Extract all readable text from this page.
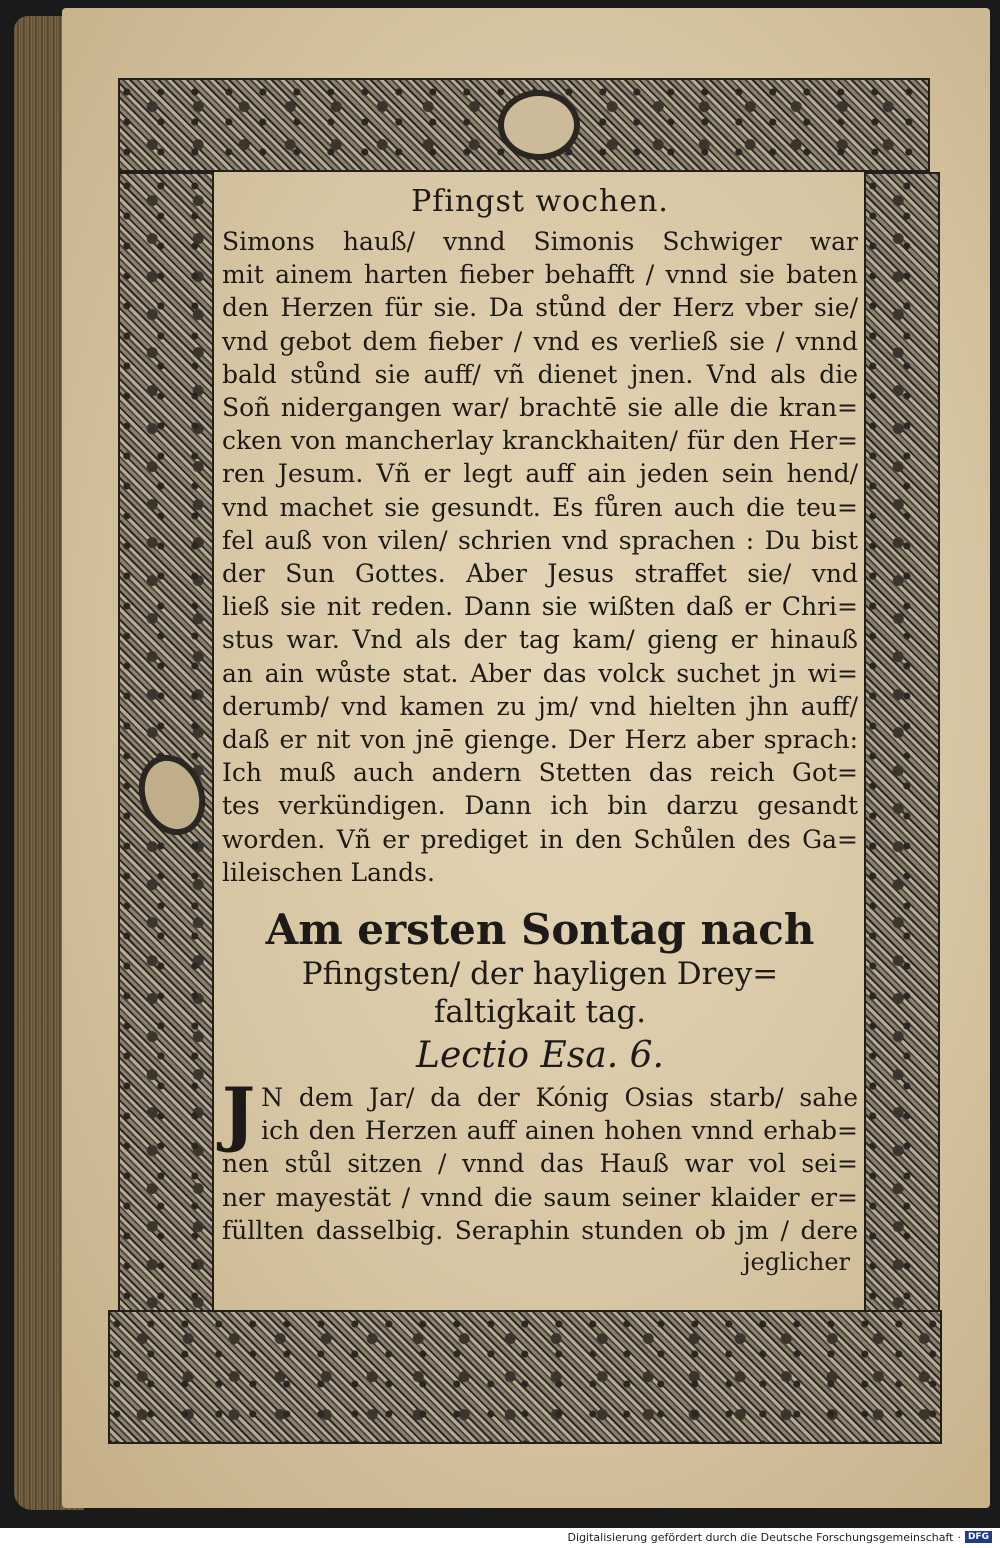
Pfingst wochen.
Simons hauß/ vnnd Simonis Schwiger war
mit ainem harten fieber behafft / vnnd sie baten
den Herzen für sie. Da stůnd der Herz vber sie/
vnd gebot dem fieber / vnd es verließ sie / vnnd
bald stůnd sie auff/ vñ dienet jnen. Vnd als die
Soñ nidergangen war/ brachtē sie alle die kran=
cken von mancherlay kranckhaiten/ für den Her=
ren Jesum. Vñ er legt auff ain jeden sein hend/
vnd machet sie gesundt. Es fůren auch die teu=
fel auß von vilen/ schrien vnd sprachen : Du bist
der Sun Gottes. Aber Jesus straffet sie/ vnd
ließ sie nit reden. Dann sie wißten daß er Chri=
stus war. Vnd als der tag kam/ gieng er hinauß
an ain wůste stat. Aber das volck suchet jn wi=
derumb/ vnd kamen zu jm/ vnd hielten jhn auff/
daß er nit von jnē gienge. Der Herz aber sprach:
Ich muß auch andern Stetten das reich Got=
tes verkündigen. Dann ich bin darzu gesandt
worden. Vñ er prediget in den Schůlen des Ga=
lileischen Lands.
Am ersten Sontag nach
Pfingsten/ der hayligen Drey=
faltigkait tag.
Lectio Esa. 6.
J N dem Jar/ da der Kónig Osias starb/ sahe
ich den Herzen auff ainen hohen vnnd erhab=
nen stůl sitzen / vnnd das Hauß war vol sei=
ner mayestät / vnnd die saum seiner klaider er=
füllten dasselbig. Seraphin stunden ob jm / dere
jeglicher
Digitalisierung gefördert durch die Deutsche Forschungsgemeinschaft · DFG
